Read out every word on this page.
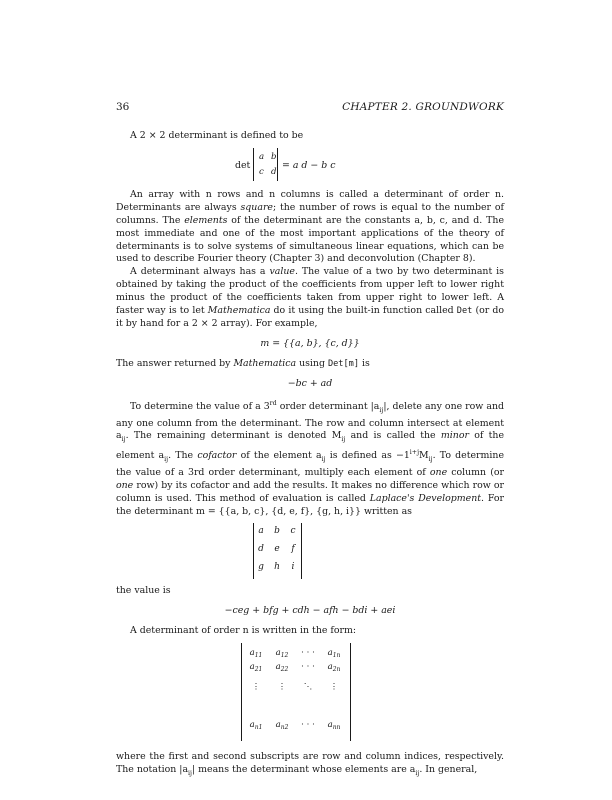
36	CHAPTER 2. GROUNDWORK

A 2 × 2 determinant is defined to be

det
a b
c d
= a d − b c

An array with n rows and n columns is called a determinant of order n. Determinants are always square; the number of rows is equal to the number of columns. The elements of the determinant are the constants a, b, c, and d. The most immediate and one of the most important applications of the theory of determinants is to solve systems of simultaneous linear equations, which can be used to describe Fourier theory (Chapter 3) and deconvolution (Chapter 8).

A determinant always has a value. The value of a two by two determinant is obtained by taking the product of the coefficients from upper left to lower right minus the product of the coefficients taken from upper right to lower left. A faster way is to let Mathematica do it using the built-in function called Det (or do it by hand for a 2 × 2 array). For example,

m = {{a, b}, {c, d}}

The answer returned by Mathematica using Det[m] is

−bc + ad

To determine the value of a 3rd order determinant $|a_{ij}|$, delete any one row and any one column from the determinant. The row and column intersect at element $a_{ij}$. The remaining determinant is denoted $M_{ij}$ and is called the minor of the element $a_{ij}$. The cofactor of the element $a_{ij}$ is defined as $-1^{i+j}M_{ij}$. To determine the value of a 3rd order determinant, multiply each element of one column (or one row) by its cofactor and add the results. It makes no difference which row or column is used. This method of evaluation is called Laplace's Development. For the determinant m = {{a, b, c}, {d, e, f}, {g, h, i}} written as

a	b	c
d	e	f
g	h	i

the value is

−ceg + bfg + cdh − afh − bdi + aei

A determinant of order n is written in the form:

$a_{11}$	$a_{12}$	· · ·	$a_{1n}$
$a_{21}$	$a_{22}$	· · ·	$a_{2n}$
⋮	⋮	⋱	⋮
$a_{n1}$	$a_{n2}$	· · ·	$a_{nn}$

where the first and second subscripts are row and column indices, respectively. The notation $|a_{ij}|$ means the determinant whose elements are $a_{ij}$. In general,
